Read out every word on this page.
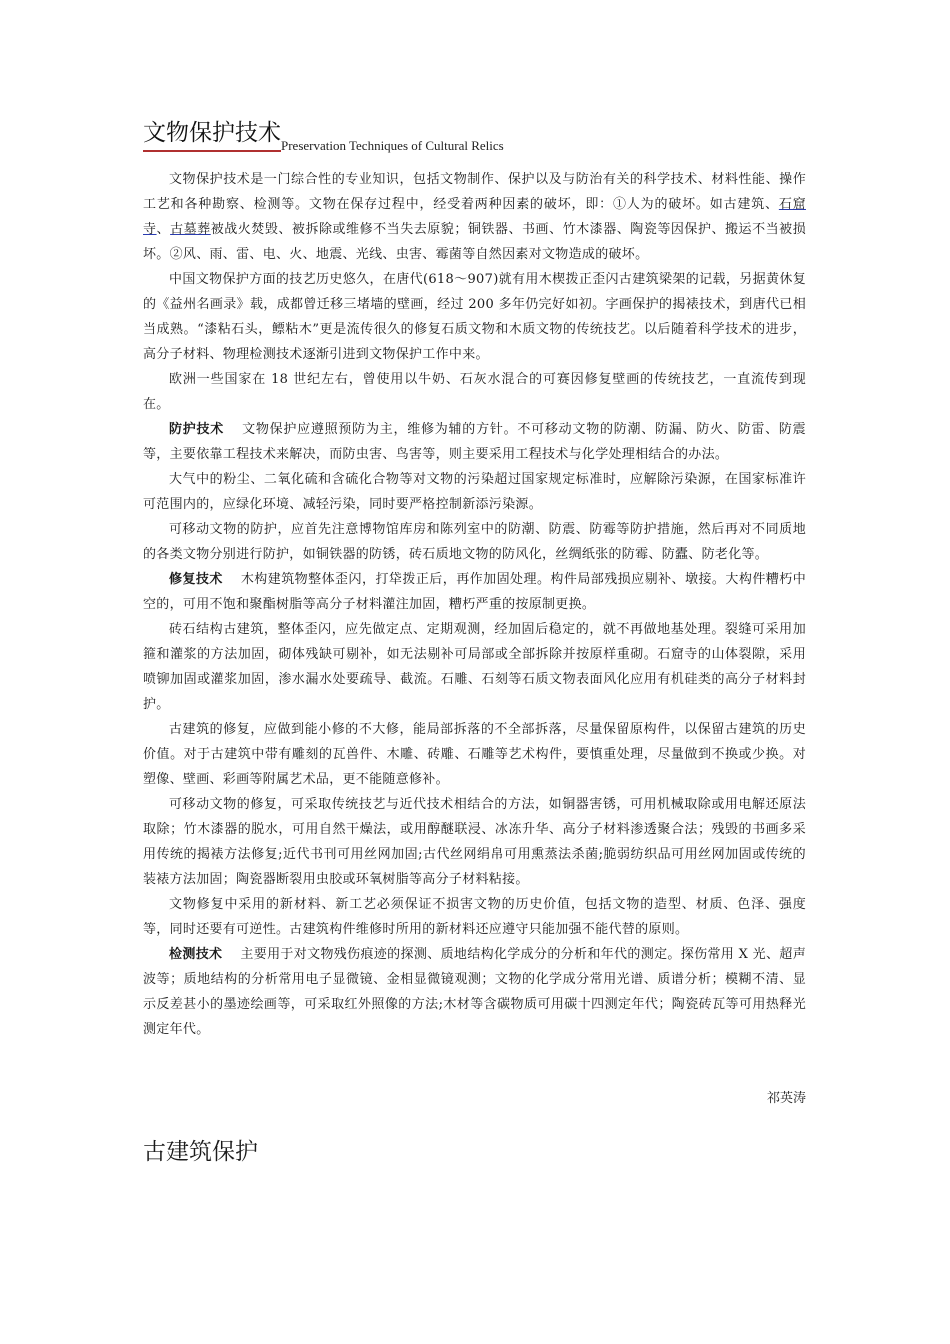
文物保护技术Preservation Techniques of Cultural Relics

文物保护技术是一门综合性的专业知识，包括文物制作、保护以及与防治有关的科学技术、材料性能、操作工艺和各种勘察、检测等。文物在保存过程中，经受着两种因素的破坏，即：①人为的破坏。如古建筑、石窟寺、古墓葬被战火焚毁、被拆除或维修不当失去原貌；铜铁器、书画、竹木漆器、陶瓷等因保护、搬运不当被损坏。②风、雨、雷、电、火、地震、光线、虫害、霉菌等自然因素对文物造成的破坏。

中国文物保护方面的技艺历史悠久，在唐代(618～907)就有用木楔拨正歪闪古建筑梁架的记载，另据黄休复的《益州名画录》载，成都曾迁移三堵墙的壁画，经过 200 多年仍完好如初。字画保护的揭裱技术，到唐代已相当成熟。“漆粘石头，鳔粘木”更是流传很久的修复石质文物和木质文物的传统技艺。以后随着科学技术的进步，高分子材料、物理检测技术逐渐引进到文物保护工作中来。

欧洲一些国家在 18 世纪左右，曾使用以牛奶、石灰水混合的可赛因修复壁画的传统技艺，一直流传到现在。

防护技术 文物保护应遵照预防为主，维修为辅的方针。不可移动文物的防潮、防漏、防火、防雷、防震等，主要依靠工程技术来解决，而防虫害、鸟害等，则主要采用工程技术与化学处理相结合的办法。

大气中的粉尘、二氧化硫和含硫化合物等对文物的污染超过国家规定标准时，应解除污染源，在国家标准许可范围内的，应绿化环境、减轻污染，同时要严格控制新添污染源。

可移动文物的防护，应首先注意博物馆库房和陈列室中的防潮、防震、防霉等防护措施，然后再对不同质地的各类文物分别进行防护，如铜铁器的防锈，砖石质地文物的防风化，丝绸纸张的防霉、防蠹、防老化等。

修复技术 木构建筑物整体歪闪，打牮拨正后，再作加固处理。构件局部残损应剔补、墩接。大构件糟朽中空的，可用不饱和聚酯树脂等高分子材料灌注加固，糟朽严重的按原制更换。

砖石结构古建筑，整体歪闪，应先做定点、定期观测，经加固后稳定的，就不再做地基处理。裂缝可采用加箍和灌浆的方法加固，砌体残缺可剔补，如无法剔补可局部或全部拆除并按原样重砌。石窟寺的山体裂隙，采用喷铆加固或灌浆加固，渗水漏水处要疏导、截流。石雕、石刻等石质文物表面风化应用有机硅类的高分子材料封护。

古建筑的修复，应做到能小修的不大修，能局部拆落的不全部拆落，尽量保留原构件，以保留古建筑的历史价值。对于古建筑中带有雕刻的瓦兽件、木雕、砖雕、石雕等艺术构件，要慎重处理，尽量做到不换或少换。对塑像、壁画、彩画等附属艺术品，更不能随意修补。

可移动文物的修复，可采取传统技艺与近代技术相结合的方法，如铜器害锈，可用机械取除或用电解还原法取除；竹木漆器的脱水，可用自然干燥法，或用醇醚联浸、冰冻升华、高分子材料渗透聚合法；残毁的书画多采用传统的揭裱方法修复;近代书刊可用丝网加固;古代丝网绢帛可用熏蒸法杀菌;脆弱纺织品可用丝网加固或传统的装裱方法加固；陶瓷器断裂用虫胶或环氧树脂等高分子材料粘接。

文物修复中采用的新材料、新工艺必须保证不损害文物的历史价值，包括文物的造型、材质、色泽、强度等，同时还要有可逆性。古建筑构件维修时所用的新材料还应遵守只能加强不能代替的原则。

检测技术 主要用于对文物残伤痕迹的探测、质地结构化学成分的分析和年代的测定。探伤常用 X 光、超声波等；质地结构的分析常用电子显微镜、金相显微镜观测；文物的化学成分常用光谱、质谱分析；模糊不清、显示反差甚小的墨迹绘画等，可采取红外照像的方法;木材等含碳物质可用碳十四测定年代；陶瓷砖瓦等可用热释光测定年代。

祁英涛
古建筑保护
